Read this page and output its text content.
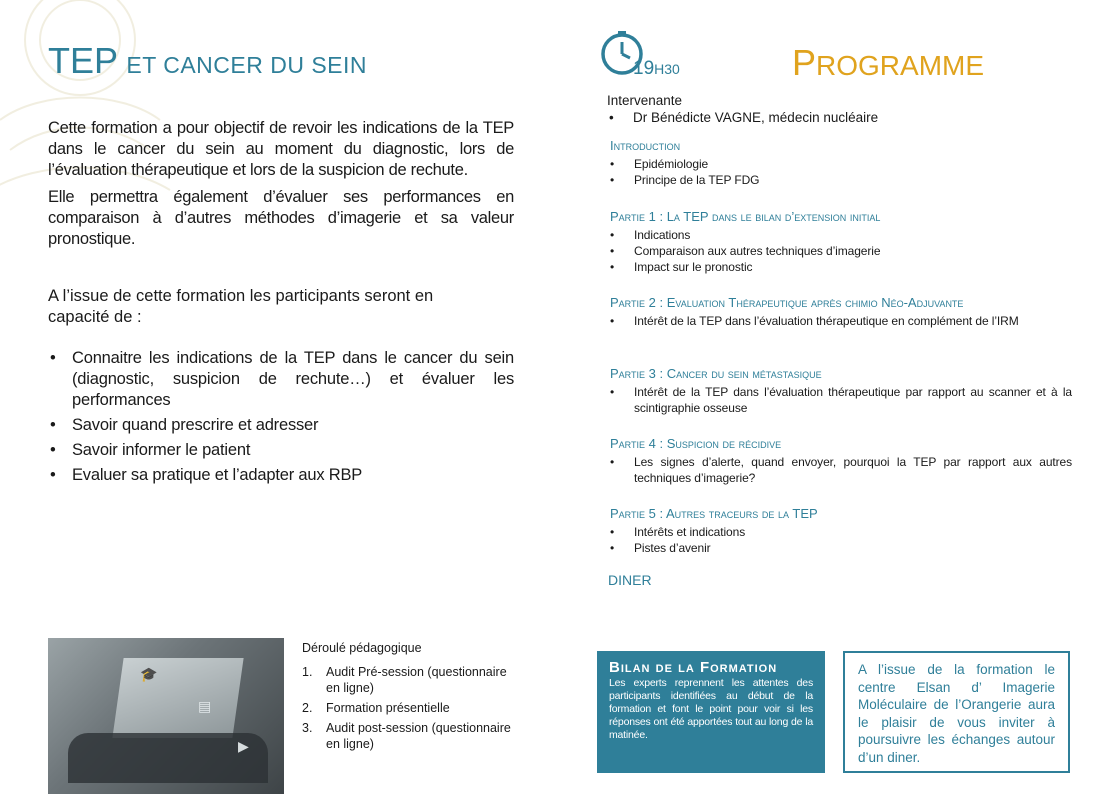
TEP ET CANCER DU SEIN

Cette formation a pour objectif de revoir les indications de la TEP dans le cancer du sein au moment du diagnostic, lors de l’évaluation thérapeutique et lors de la suspicion de rechute.

Elle permettra également d’évaluer ses performances en comparaison à d’autres méthodes d’imagerie et sa valeur pronostique.

A l’issue de cette formation les participants seront en capacité de :
• Connaitre les indications de la TEP dans le cancer du sein (diagnostic, suspicion de rechute…) et évaluer les performances
• Savoir quand prescrire et adresser
• Savoir informer le patient
• Evaluer sa pratique et l’adapter aux RBP
🎓
▤
▶
Déroulé pédagogique
1. Audit Pré-session (questionnaire en ligne)
2. Formation présentielle
3. Audit post-session (questionnaire en ligne)
19H30	PROGRAMME
Intervenante
• Dr Bénédicte VAGNE, médecin nucléaire
Introduction
• Epidémiologie
• Principe de la TEP FDG
Partie 1 : La TEP dans le bilan d’extension initial
• Indications
• Comparaison aux autres techniques d’imagerie
• Impact sur le pronostic
Partie 2 : Evaluation Thérapeutique après chimio Néo-Adjuvante
• Intérêt de la TEP dans l’évaluation thérapeutique en complément de l’IRM
Partie 3 : Cancer du sein métastasique
• Intérêt de la TEP dans l’évaluation thérapeutique par rapport au scanner et à la scintigraphie osseuse
Partie 4 : Suspicion de récidive
• Les signes d’alerte, quand envoyer, pourquoi la TEP par rapport aux autres techniques d’imagerie?
Partie 5 : Autres traceurs de la TEP
• Intérêts et indications
• Pistes d’avenir
DINER
Bilan de la Formation
Les experts reprennent les attentes des participants identifiées au début de la formation et font le point pour voir si les réponses ont été apportées tout au long de la matinée.
A l’issue de la formation le centre Elsan d’ Imagerie Moléculaire de l’Orangerie aura le plaisir de vous inviter à poursuivre les échanges autour d’un diner.
